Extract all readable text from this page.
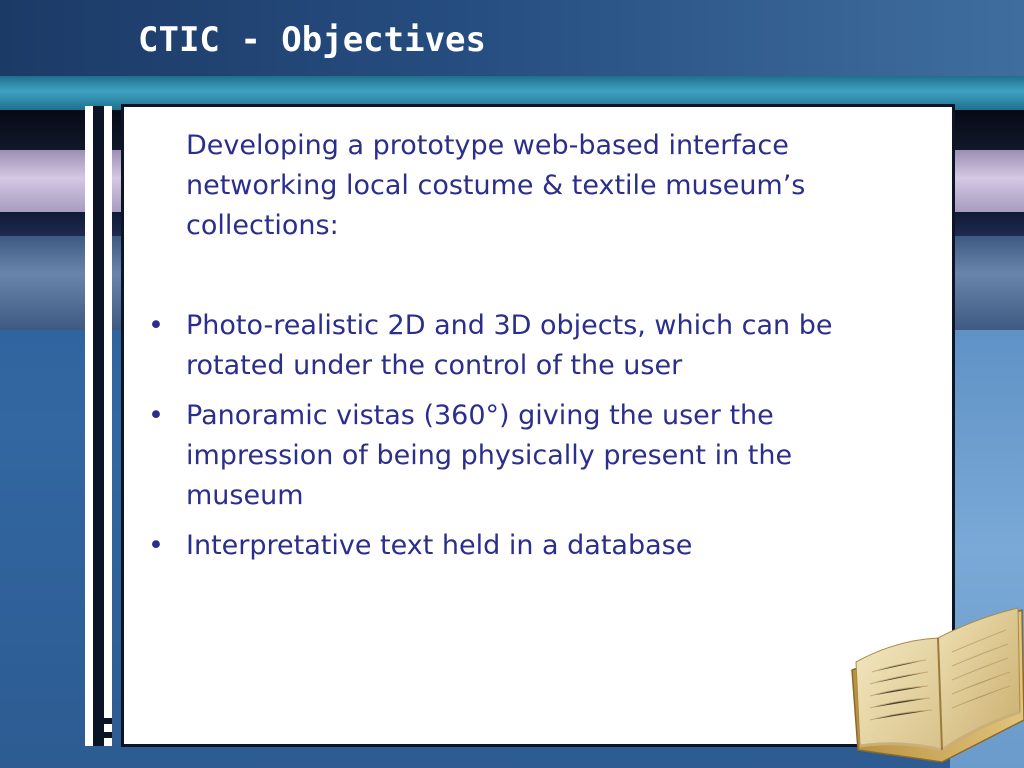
CTIC - Objectives

Developing a prototype web-based interface networking local costume & textile museum’s collections:

• Photo-realistic 2D and 3D objects, which can be rotated under the control of the user
• Panoramic vistas (360°) giving the user the impression of being physically present in the museum
• Interpretative text held in a database
